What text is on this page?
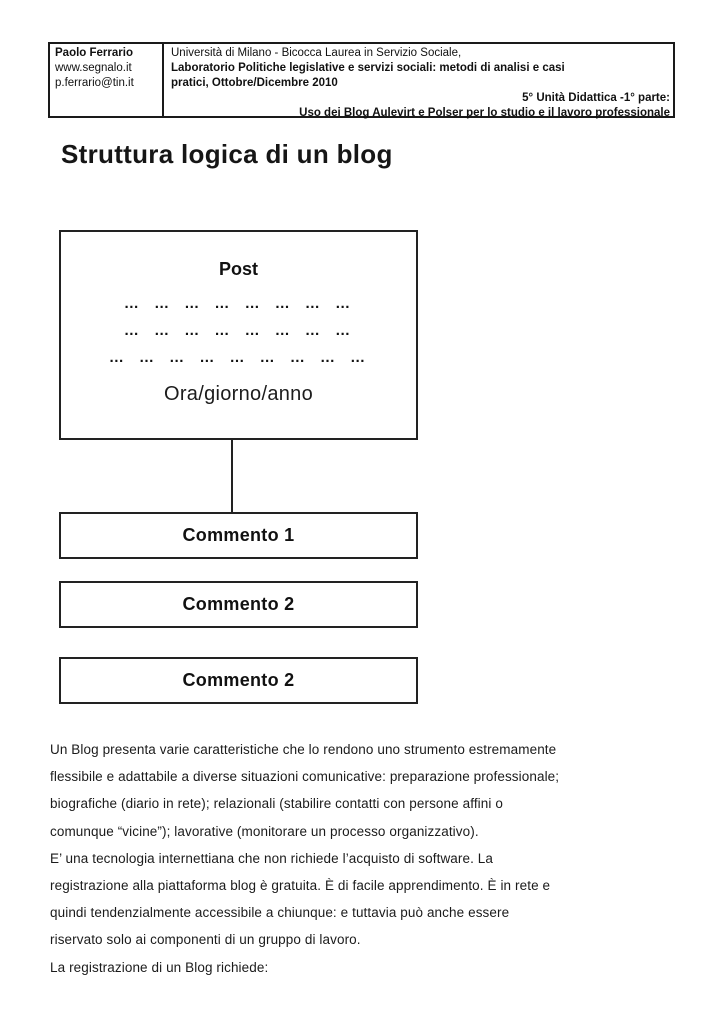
Paolo Ferrario
www.segnalo.it
p.ferrario@tin.it
Università di Milano - Bicocca Laurea in Servizio Sociale,
Laboratorio Politiche legislative e servizi sociali: metodi di analisi e casi
pratici, Ottobre/Dicembre 2010
5° Unità Didattica -1° parte:
Uso dei Blog Aulevirt e Polser per lo studio e il lavoro professionale
Struttura logica di un blog
Post
… … … … … … … …
… … … … … … … …
… … … … … … … … …
Ora/giorno/anno
Commento 1
Commento 2
Commento 2
Un Blog presenta varie caratteristiche che lo rendono uno strumento estremamente
flessibile e adattabile a diverse situazioni comunicative: preparazione professionale;
biografiche (diario in rete); relazionali (stabilire contatti con persone affini o
comunque “vicine”); lavorative (monitorare un processo organizzativo).
E’ una tecnologia internettiana che non richiede l’acquisto di software. La
registrazione alla piattaforma blog è gratuita. È di facile apprendimento. È in rete e
quindi tendenzialmente accessibile a chiunque: e tuttavia può anche essere
riservato solo ai componenti di un gruppo di lavoro.
La registrazione di un Blog richiede:
